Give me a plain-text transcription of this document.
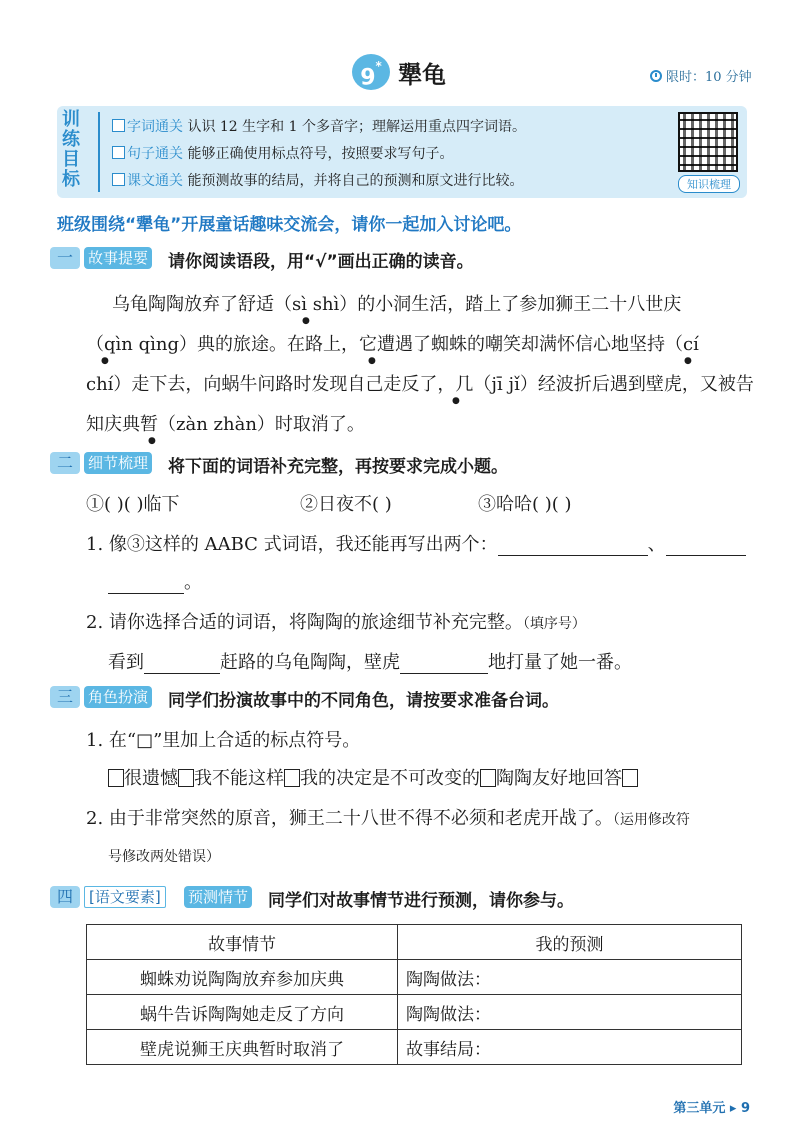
9* 犟龟	限时：10 分钟
训
练
目
标
字词通关 认识 12 生字和 1 个多音字；理解运用重点四字词语。
句子通关 能够正确使用标点符号，按照要求写句子。
课文通关 能预测故事的结局，并将自己的预测和原文进行比较。	知识梳理
班级围绕“犟龟”开展童话趣味交流会，请你一起加入讨论吧。
一	故事提要 请你阅读语段，用“√”画出正确的读音。
乌龟陶陶放弃了舒适（sì shì）的小洞生活，踏上了参加狮王二十八世庆
（qìn qìng）典的旅途。在路上，它遭遇了蜘蛛的嘲笑却满怀信心地坚持（cí
chí）走下去，向蜗牛问路时发现自己走反了，几（jī jǐ）经波折后遇到壁虎，又被告
知庆典暂（zàn zhàn）时取消了。
●
●	●	●
●
●
二	细节梳理 将下面的词语补充完整，再按要求完成小题。
①( )( )临下	②日夜不( )	③哈哈( )( )
1. 像③这样的 AABC 式词语，我还能再写出两个：	、
。
2. 请你选择合适的词语，将陶陶的旅途细节补充完整。（填序号）
看到	赶路的乌龟陶陶，壁虎	地打量了她一番。
三	角色扮演 同学们扮演故事中的不同角色，请按要求准备台词。
1. 在“□”里加上合适的标点符号。
很遗憾 我不能这样 我的决定是不可改变的 陶陶友好地回答
2. 由于非常突然的原音，狮王二十八世不得不必须和老虎开战了。（运用修改符
号修改两处错误）
四	[语文要素]	预测情节 同学们对故事情节进行预测，请你参与。
故事情节	我的预测
蜘蛛劝说陶陶放弃参加庆典	陶陶做法：
蜗牛告诉陶陶她走反了方向	陶陶做法：
壁虎说狮王庆典暂时取消了	故事结局：
第三单元 ▸ 9
